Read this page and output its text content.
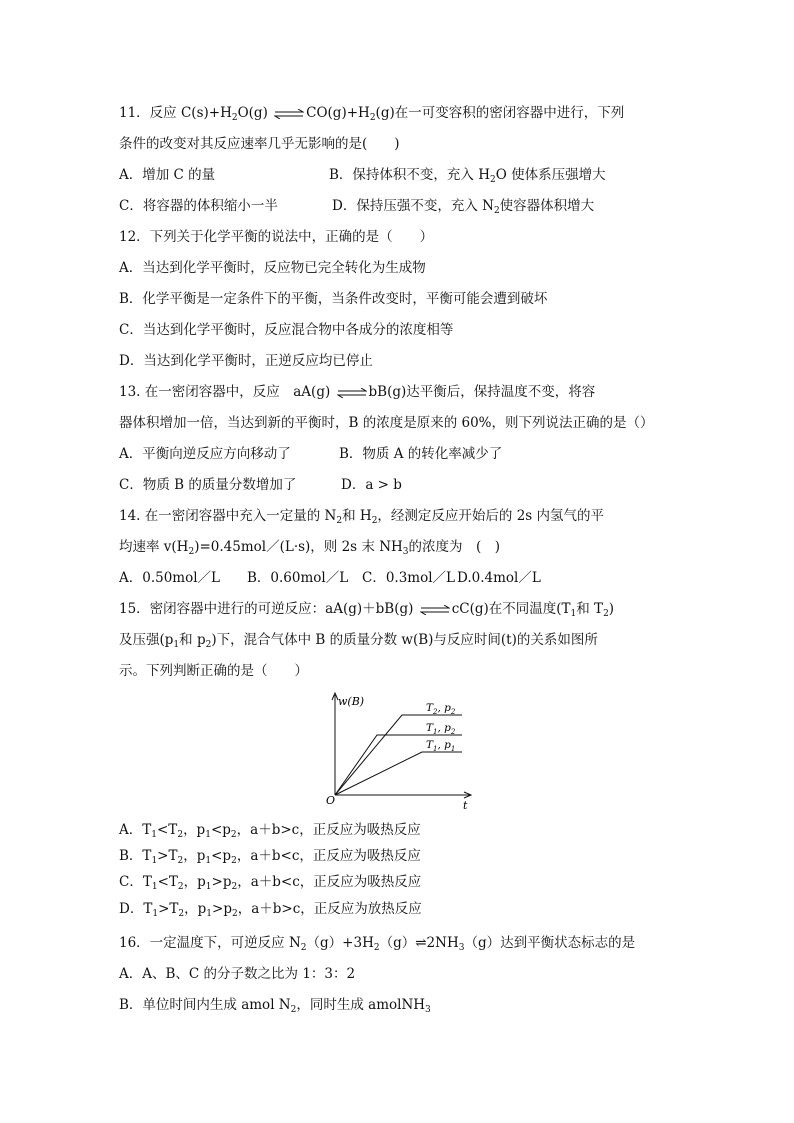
11．反应 $C(s)+H_2O(g)$ ⇌ $CO(g)+H_2(g)$在一可变容积的密闭容器中进行，下列
条件的改变对其反应速率几乎无影响的是(　　)
A．增加 C 的量	B．保持体积不变，充入 $H_2O$ 使体系压强增大
C．将容器的体积缩小一半	D．保持压强不变，充入 $N_2$使容器体积增大
12．下列关于化学平衡的说法中，正确的是（　　）
A．当达到化学平衡时，反应物已完全转化为生成物
B．化学平衡是一定条件下的平衡，当条件改变时，平衡可能会遭到破坏
C．当达到化学平衡时，反应混合物中各成分的浓度相等
D．当达到化学平衡时，正逆反应均已停止
13. 在一密闭容器中，反应　aA(g) ⇌ bB(g)达平衡后，保持温度不变，将容
器体积增加一倍，当达到新的平衡时，B 的浓度是原来的 60%，则下列说法正确的是（）
A．平衡向逆反应方向移动了	B．物质 A 的转化率减少了
C．物质 B 的质量分数增加了	D．a > b
14. 在一密闭容器中充入一定量的 $N_2$和 $H_2$，经测定反应开始后的 2s 内氢气的平
均速率 $v(H_2)=0.45mol/(L\cdot s)$，则 2s 末 $NH_3$的浓度为　(　)
A．0.50mol／L B．0.60mol／L C．0.3mol／L D.0.4mol／L
15．密闭容器中进行的可逆反应：aA(g)＋bB(g) ⇌ cC(g)在不同温度($T_1$和 $T_2$)
及压强($p_1$和 $p_2$)下，混合气体中 B 的质量分数 w(B)与反应时间(t)的关系如图所
示。下列判断正确的是（　　）
w(B)
t
O
$T_2$, $p_2$
$T_1$, $p_2$
$T_1$, $p_1$
A．$T_1<T_2$，$p_1<p_2$，a＋b>c，正反应为吸热反应
B．$T_1>T_2$，$p_1<p_2$，a＋b<c，正反应为吸热反应
C．$T_1<T_2$，$p_1>p_2$，a＋b<c，正反应为吸热反应
D．$T_1>T_2$，$p_1>p_2$，a＋b>c，正反应为放热反应
16．一定温度下，可逆反应 $N_2(g)+3H_2(g)\rightleftharpoons 2NH_3(g)$达到平衡状态标志的是
A．A、B、C 的分子数之比为 1：3：2
B．单位时间内生成 amol $N_2$，同时生成 amolNH$_3$
